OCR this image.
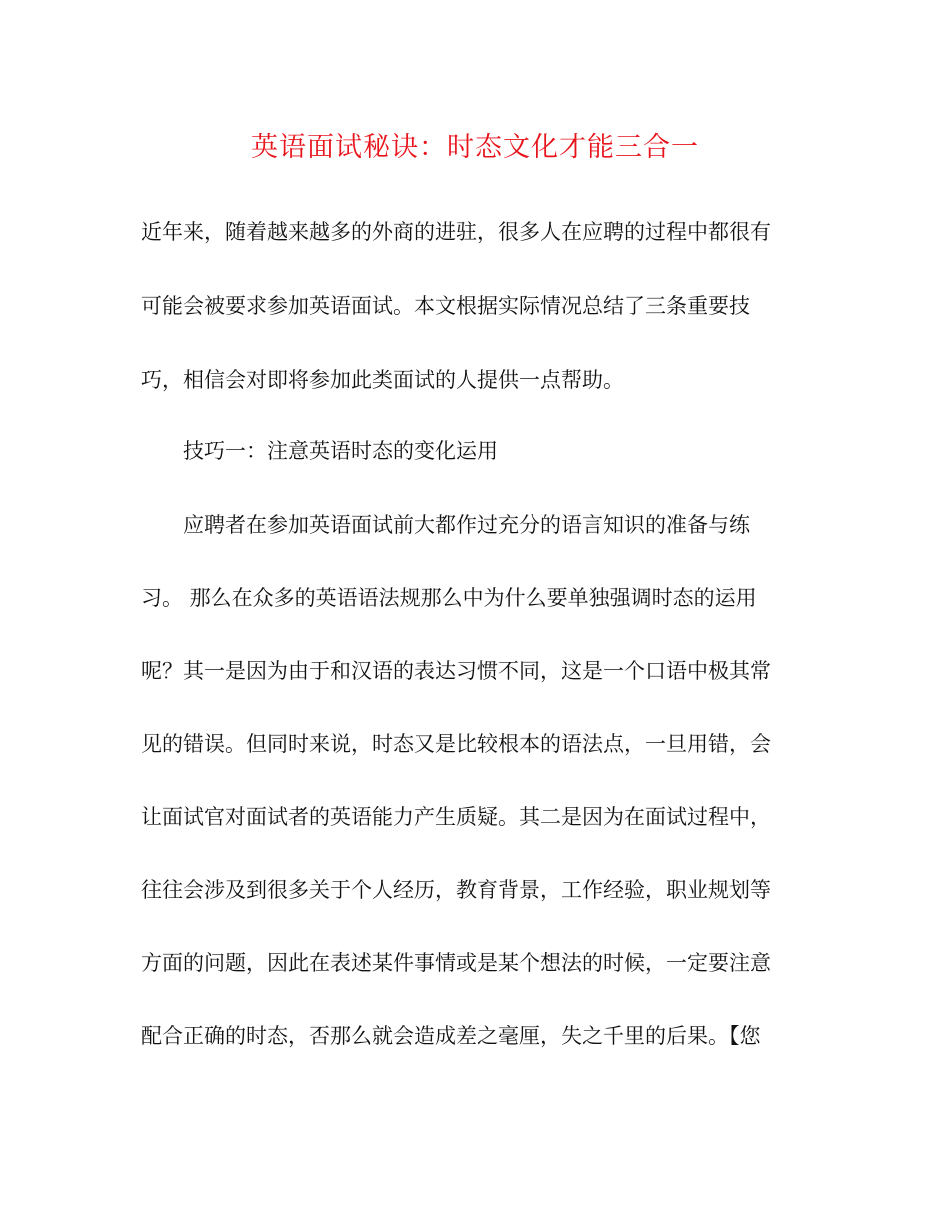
英语面试秘诀：时态文化才能三合一
近年来，随着越来越多的外商的进驻，很多人在应聘的过程中都很有
可能会被要求参加英语面试。本文根据实际情况总结了三条重要技
巧，相信会对即将参加此类面试的人提供一点帮助。
技巧一：注意英语时态的变化运用
应聘者在参加英语面试前大都作过充分的语言知识的准备与练
习。 那么在众多的英语语法规那么中为什么要单独强调时态的运用
呢？其一是因为由于和汉语的表达习惯不同，这是一个口语中极其常
见的错误。但同时来说，时态又是比较根本的语法点，一旦用错，会
让面试官对面试者的英语能力产生质疑。其二是因为在面试过程中，
往往会涉及到很多关于个人经历，教育背景，工作经验，职业规划等
方面的问题，因此在表述某件事情或是某个想法的时候，一定要注意
配合正确的时态，否那么就会造成差之毫厘，失之千里的后果。【您
